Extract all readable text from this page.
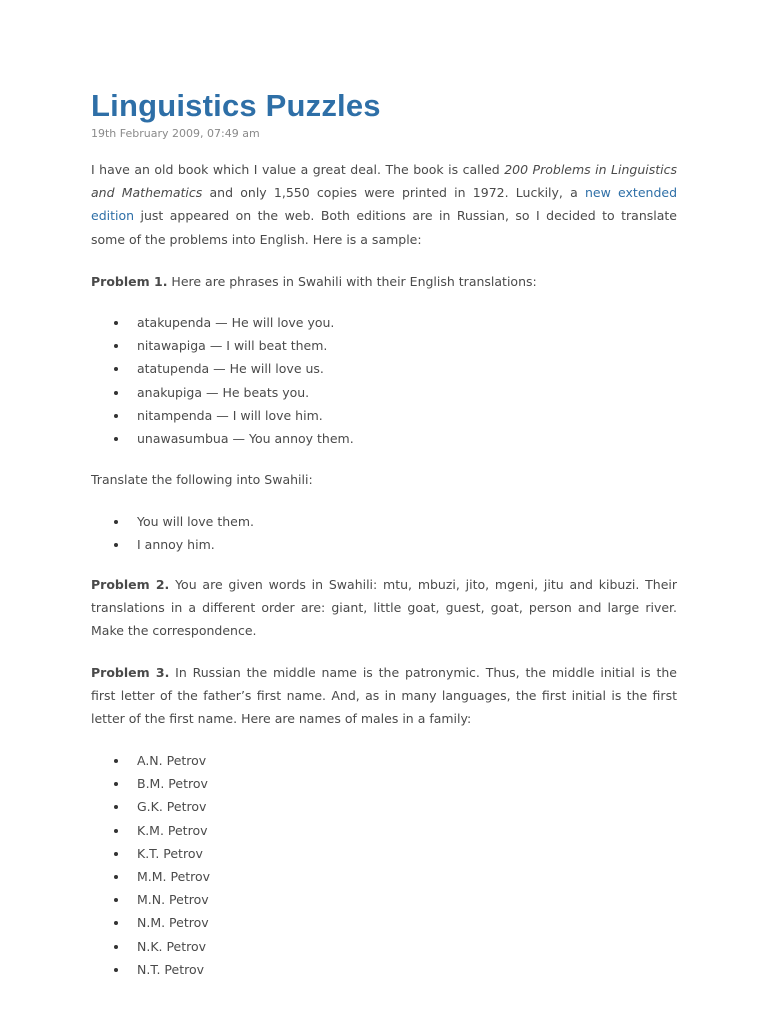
Linguistics Puzzles
19th February 2009, 07:49 am

I have an old book which I value a great deal. The book is called 200 Problems in Linguistics and Mathematics and only 1,550 copies were printed in 1972. Luckily, a new extended edition just appeared on the web. Both editions are in Russian, so I decided to translate some of the problems into English. Here is a sample:

Problem 1. Here are phrases in Swahili with their English translations:

atakupenda — He will love you.
nitawapiga — I will beat them.
atatupenda — He will love us.
anakupiga — He beats you.
nitampenda — I will love him.
unawasumbua — You annoy them.

Translate the following into Swahili:

You will love them.
I annoy him.

Problem 2. You are given words in Swahili: mtu, mbuzi, jito, mgeni, jitu and kibuzi. Their translations in a different order are: giant, little goat, guest, goat, person and large river. Make the correspondence.

Problem 3. In Russian the middle name is the patronymic. Thus, the middle initial is the first letter of the father’s first name. And, as in many languages, the first initial is the first letter of the first name. Here are names of males in a family:

A.N. Petrov
B.M. Petrov
G.K. Petrov
K.M. Petrov
K.T. Petrov
M.M. Petrov
M.N. Petrov
N.M. Petrov
N.K. Petrov
N.T. Petrov
